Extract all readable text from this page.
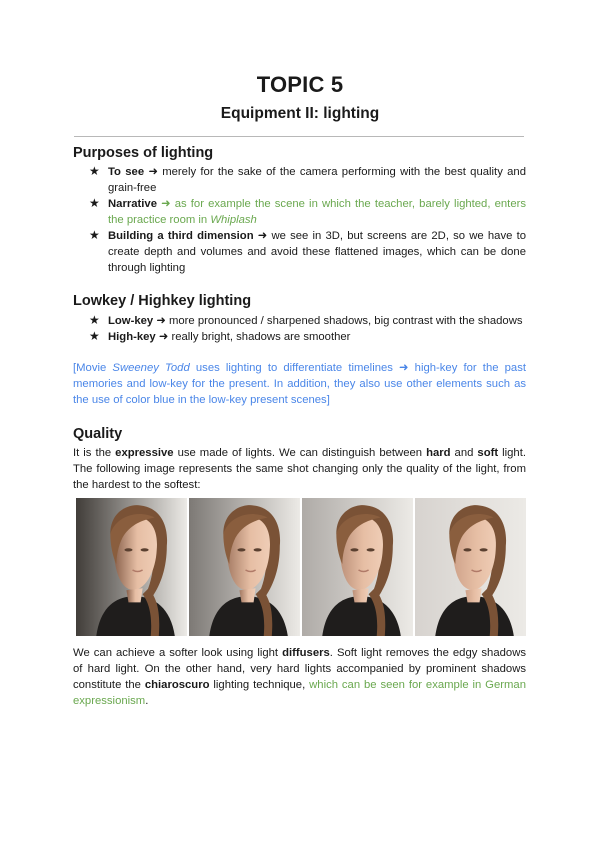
TOPIC 5
Equipment II: lighting
Purposes of lighting
★ To see ➜ merely for the sake of the camera performing with the best quality and grain-free
★ Narrative ➜ as for example the scene in which the teacher, barely lighted, enters the practice room in Whiplash
★ Building a third dimension ➜ we see in 3D, but screens are 2D, so we have to create depth and volumes and avoid these flattened images, which can be done through lighting
Lowkey / Highkey lighting
★ Low-key ➜ more pronounced / sharpened shadows, big contrast with the shadows
★ High-key ➜ really bright, shadows are smoother

[Movie Sweeney Todd uses lighting to differentiate timelines ➜ high-key for the past memories and low-key for the present. In addition, they also use other elements such as the use of color blue in the low-key present scenes]

Quality

It is the expressive use made of lights. We can distinguish between hard and soft light. The following image represents the same shot changing only the quality of the light, from the hardest to the softest:

We can achieve a softer look using light diffusers. Soft light removes the edgy shadows of hard light. On the other hand, very hard lights accompanied by prominent shadows constitute the chiaroscuro lighting technique, which can be seen for example in German expressionism.
